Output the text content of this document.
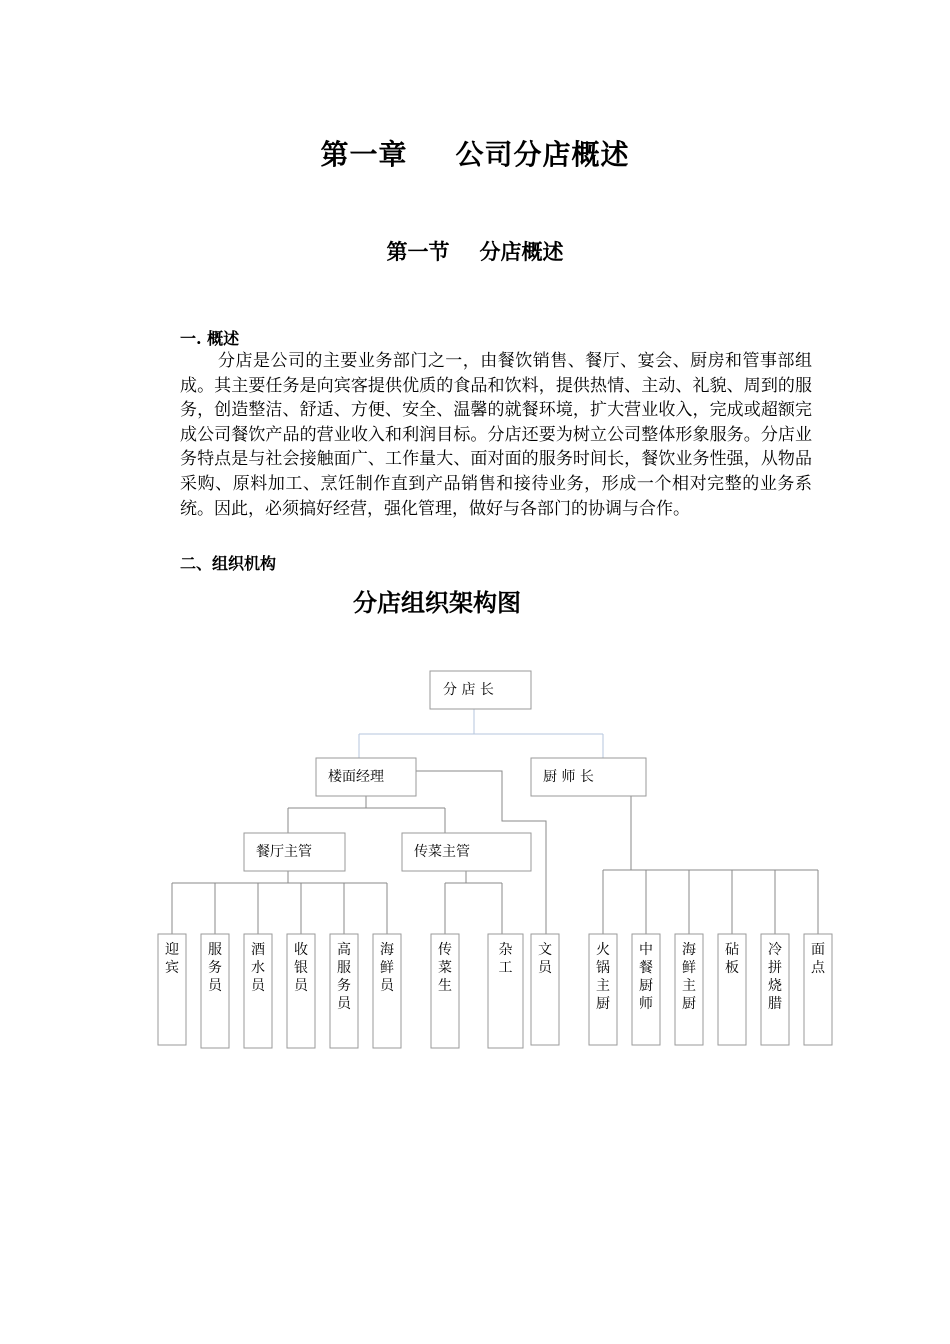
第一章 公司分店概述
第一节 分店概述
一. 概述

分店是公司的主要业务部门之一，由餐饮销售、餐厅、宴会、厨房和管事部组成。其主要任务是向宾客提供优质的食品和饮料，提供热情、主动、礼貌、周到的服务，创造整洁、舒适、方便、安全、温馨的就餐环境，扩大营业收入，完成或超额完成公司餐饮产品的营业收入和利润目标。分店还要为树立公司整体形象服务。分店业务特点是与社会接触面广、工作量大、面对面的服务时间长，餐饮业务性强，从物品采购、原料加工、烹饪制作直到产品销售和接待业务，形成一个相对完整的业务系统。因此，必须搞好经营，强化管理，做好与各部门的协调与合作。

二、组织机构
分店组织架构图
分 店 长
楼面经理	厨 师 长
餐厅主管	传菜主管
迎宾
服务员
酒水员
收银员
高服务员
海鲜员
传菜生
杂工
文员
火锅主厨
中餐厨师
海鲜主厨
砧板
冷拼烧腊
面点
